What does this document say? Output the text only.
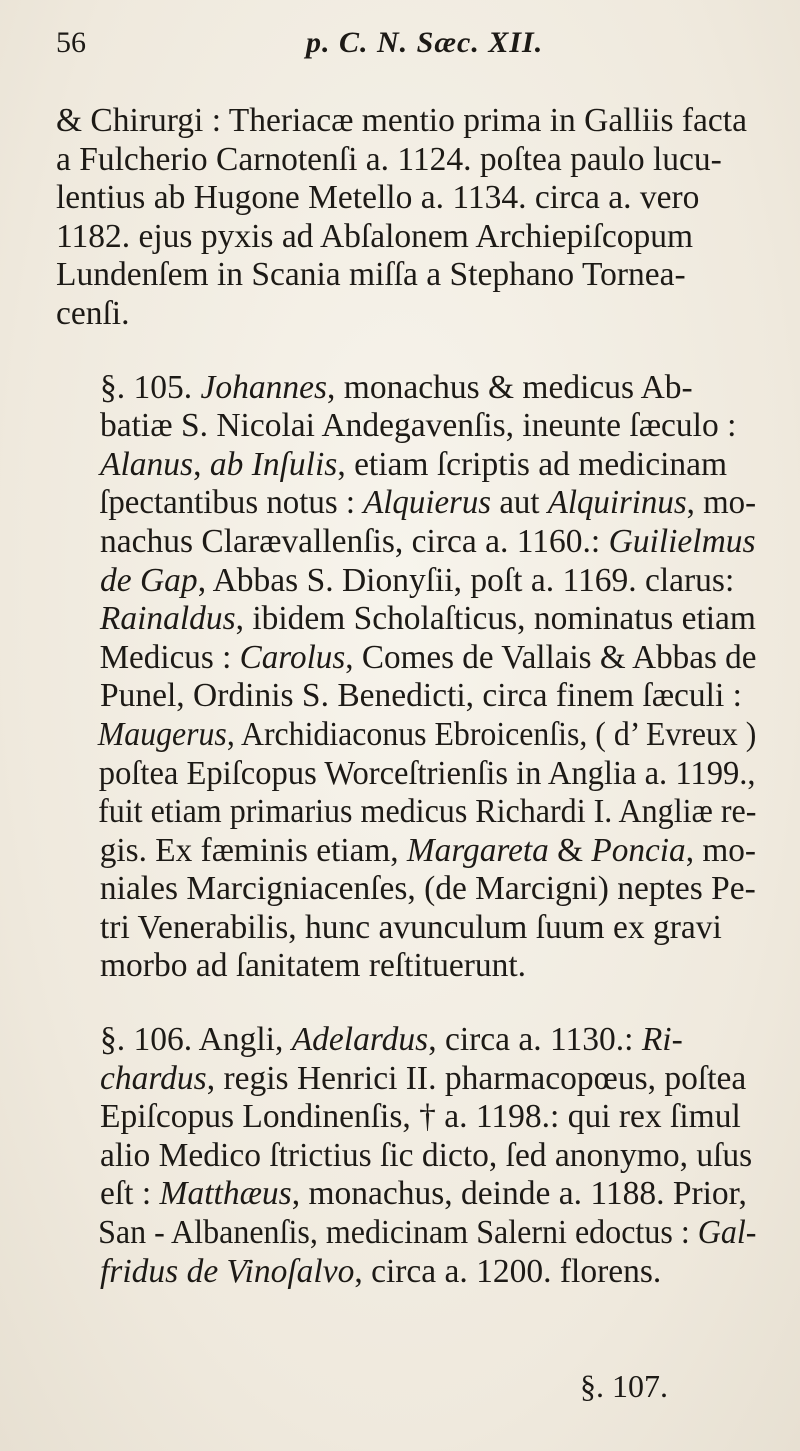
56	p. C. N. Sæc. XII.
& Chirurgi : Theriacæ mentio prima in Galliis facta
a Fulcherio Carnotenſi a. 1124. poſtea paulo lucu-
lentius ab Hugone Metello a. 1134. circa a. vero
1182. ejus pyxis ad Abſalonem Archiepiſcopum
Lundenſem in Scania miſſa a Stephano Tornea-
cenſi.
§. 105. Johannes, monachus & medicus Ab-
batiæ S. Nicolai Andegavenſis, ineunte ſæculo :
Alanus, ab Inſulis, etiam ſcriptis ad medicinam
ſpectantibus notus : Alquierus aut Alquirinus, mo-
nachus Clarævallenſis, circa a. 1160.: Guilielmus
de Gap, Abbas S. Dionyſii, poſt a. 1169. clarus:
Rainaldus, ibidem Scholaſticus, nominatus etiam
Medicus : Carolus, Comes de Vallais & Abbas de
Punel, Ordinis S. Benedicti, circa finem ſæculi :
Maugerus, Archidiaconus Ebroicenſis, ( d’ Evreux )
poſtea Epiſcopus Worceſtrienſis in Anglia a. 1199.,
fuit etiam primarius medicus Richardi I. Angliæ re-
gis. Ex fæminis etiam, Margareta & Poncia, mo-
niales Marcigniacenſes, (de Marcigni) neptes Pe-
tri Venerabilis, hunc avunculum ſuum ex gravi
morbo ad ſanitatem reſtituerunt.
§. 106. Angli, Adelardus, circa a. 1130.: Ri-
chardus, regis Henrici II. pharmacopœus, poſtea
Epiſcopus Londinenſis, † a. 1198.: qui rex ſimul
alio Medico ſtrictius ſic dicto, ſed anonymo, uſus
eſt : Matthæus, monachus, deinde a. 1188. Prior,
San - Albanenſis, medicinam Salerni edoctus : Gal-
fridus de Vinoſalvo, circa a. 1200. florens.
§. 107.
